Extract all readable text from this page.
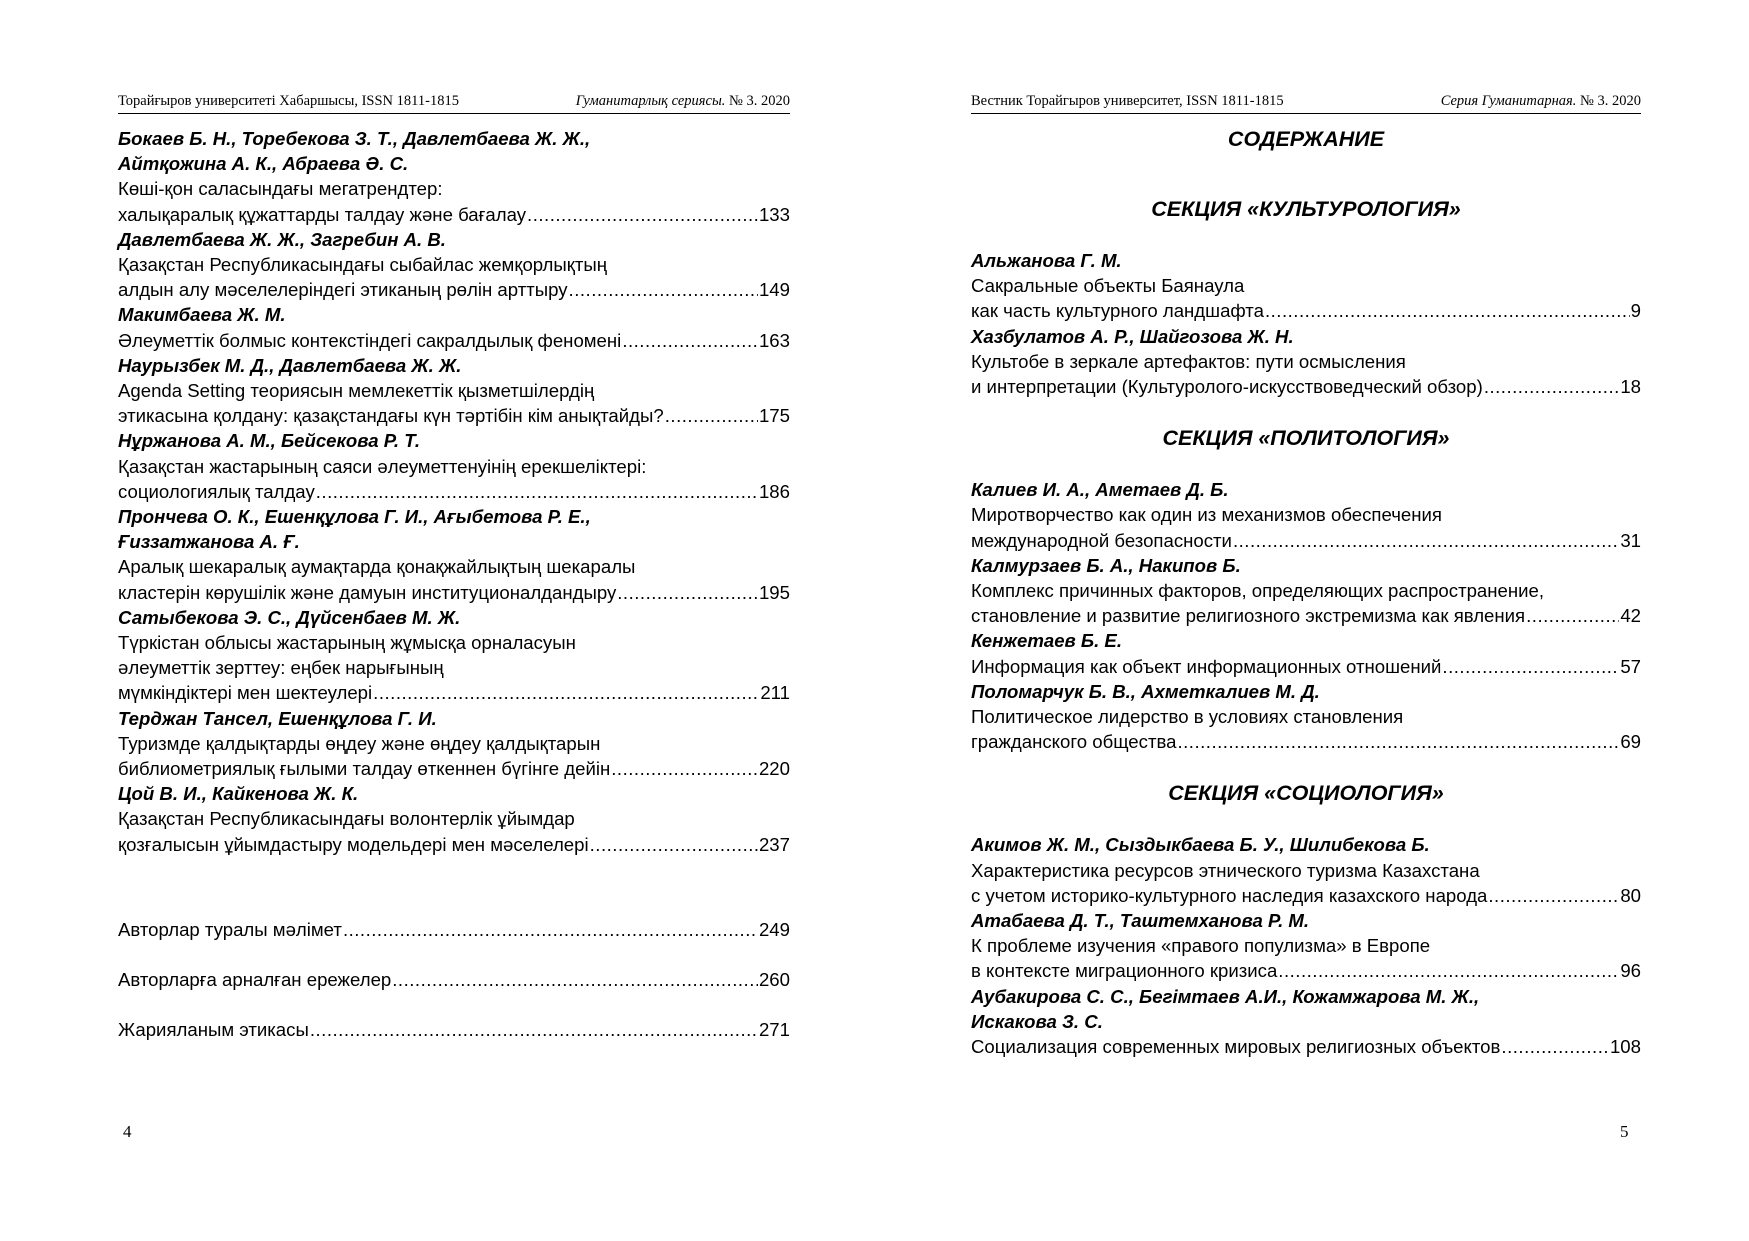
Торайғыров университеті Хабаршысы, ISSN 1811-1815	Гуманитарлық сериясы. № 3. 2020
Бокаев Б. Н., Торебекова З. Т., Давлетбаева Ж. Ж.,
Айтқожина А. К., Абраева Ә. С.
Көші-қон саласындағы мегатрендтер:
халықаралық құжаттарды талдау және бағалау .....	133
Давлетбаева Ж. Ж., Загребин А. В.
Қазақстан Республикасындағы сыбайлас жемқорлықтың
алдын алу мәселелеріндегі этиканың рөлін арттыру .....	149
Макимбаева Ж. М.
Әлеуметтік болмыс контекстіндегі сакралдылық феномені .....	163
Наурызбек М. Д., Давлетбаева Ж. Ж.
Agenda Setting теориясын мемлекеттік қызметшілердің
этикасына қолдану: қазақстандағы күн тәртібін кім анықтайды? .....	175
Нұржанова А. М., Бейсекова Р. Т.
Қазақстан жастарының саяси әлеуметтенуінің ерекшеліктері:
социологиялық талдау .....	186
Прончева О. К., Ешенқұлова Г. И., Ағыбетова Р. Е.,
Ғиззатжанова А. Ғ.
Аралық шекаралық аумақтарда қонақжайлықтың шекаралы
кластерін көрушілік және дамуын институционалдандыру .....	195
Сатыбекова Э. С., Дүйсенбаев М. Ж.
Түркістан облысы жастарының жұмысқа орналасуын
әлеуметтік зерттеу: еңбек нарығының
мүмкіндіктері мен шектеулері .....	211
Терджан Тансел, Ешенқұлова Г. И.
Туризмде қалдықтарды өңдеу және өңдеу қалдықтарын
библиометриялық ғылыми талдау өткеннен бүгінге дейін .....	220
Цой В. И., Кайкенова Ж. К.
Қазақстан Республикасындағы волонтерлік ұйымдар
қозғалысын ұйымдастыру модельдері мен мәселелері .....	237
Авторлар туралы мәлімет .....	249
Авторларға арналған ережелер .....	260
Жарияланым этикасы .....	271
4
Вестник Торайгыров университет, ISSN 1811-1815	Серия Гуманитарная. № 3. 2020
СОДЕРЖАНИЕ
СЕКЦИЯ «КУЛЬТУРОЛОГИЯ»
Альжанова Г. М.
Сакральные объекты Баянаула
как часть культурного ландшафта .....	9
Хазбулатов А. Р., Шайгозова Ж. Н.
Культобе в зеркале артефактов: пути осмысления
и интерпретации (Культуролого-искусствоведческий обзор) .....	18
СЕКЦИЯ «ПОЛИТОЛОГИЯ»
Калиев И. А., Аметаев Д. Б.
Миротворчество как один из механизмов обеспечения
международной безопасности .....	31
Калмурзаев Б. А., Накипов Б.
Комплекс причинных факторов, определяющих распространение,
становление и развитие религиозного экстремизма как явления .....	42
Кенжетаев Б. Е.
Информация как объект информационных отношений .....	57
Поломарчук Б. В., Ахметкалиев М. Д.
Политическое лидерство в условиях становления
гражданского общества .....	69
СЕКЦИЯ «СОЦИОЛОГИЯ»
Акимов Ж. М., Сыздыкбаева Б. У., Шилибекова Б.
Характеристика ресурсов этнического туризма Казахстана
с учетом историко-культурного наследия казахского народа .....	80
Атабаева Д. Т., Таштемханова Р. М.
К проблеме изучения «правого популизма» в Европе
в контексте миграционного кризиса .....	96
Аубакирова С. С., Бегімтаев А.И., Кожамжарова М. Ж.,
Искакова З. С.
Социализация современных мировых религиозных объектов .....	108
5
